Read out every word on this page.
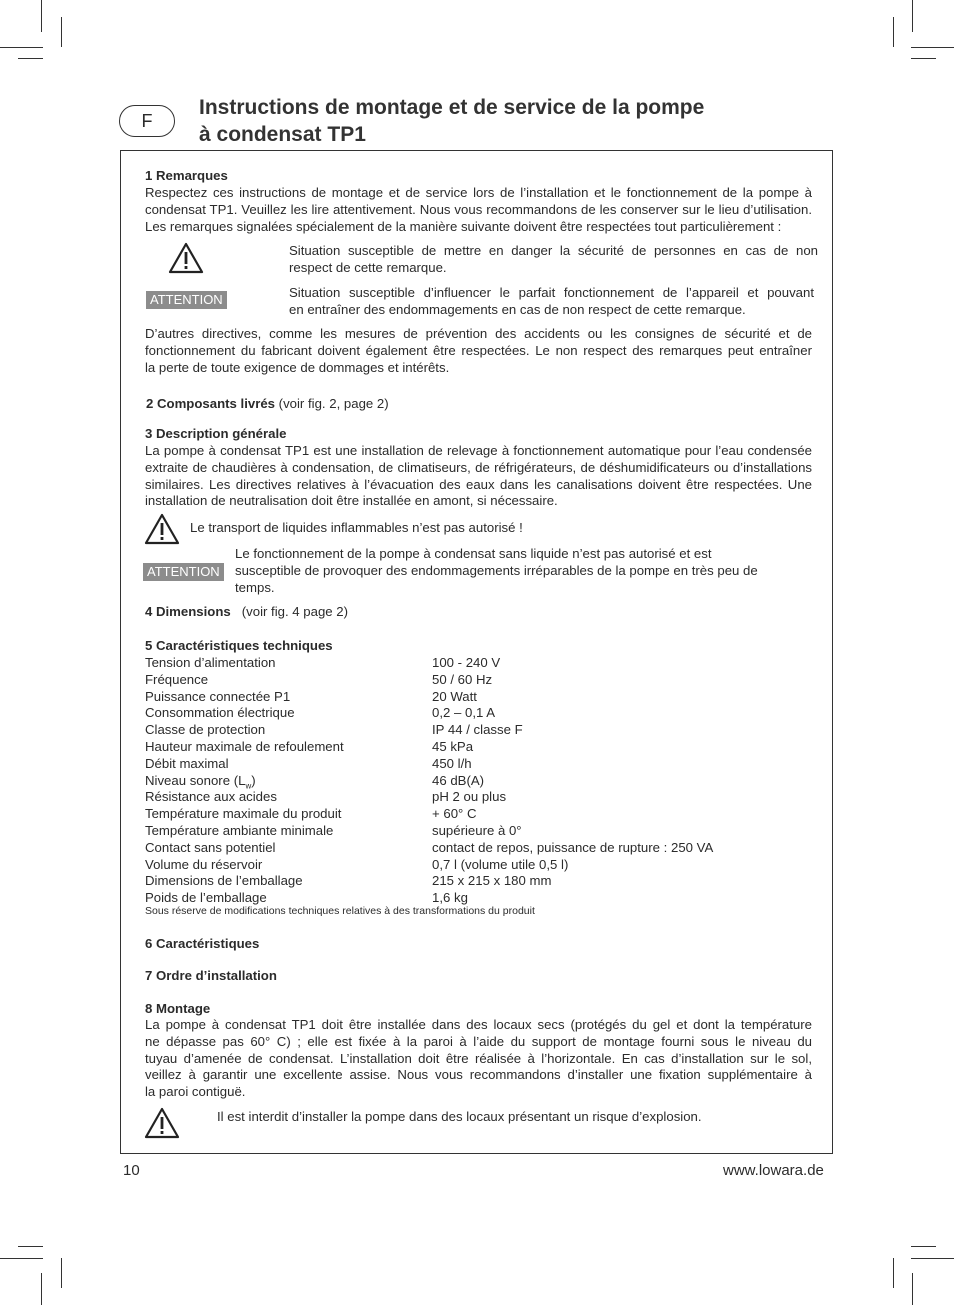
F
Instructions de montage et de service de la pompe
à condensat TP1
1 Remarques
Respectez ces instructions de montage et de service lors de l’installation et le fonctionnement de la pompe à
condensat TP1. Veuillez les lire attentivement. Nous vous recommandons de les conserver sur le lieu d’utilisation.
Les remarques signalées spécialement de la manière suivante doivent être respectées tout particulièrement :
Situation susceptible de mettre en danger la sécurité de personnes en cas de non
respect de cette remarque.
ATTENTION	Situation susceptible d’influencer le parfait fonctionnement de l’appareil et pouvant
en entraîner des endommagements en cas de non respect de cette remarque.
D’autres directives, comme les mesures de prévention des accidents ou les consignes de sécurité et de
fonctionnement du fabricant doivent également être respectées. Le non respect des remarques peut entraîner
la perte de toute exigence de dommages et intérêts.
2 Composants livrés (voir fig. 2, page 2)
3 Description générale
La pompe à condensat TP1 est une installation de relevage à fonctionnement automatique pour l’eau condensée
extraite de chaudières à condensation, de climatiseurs, de réfrigérateurs, de déshumidificateurs ou d’installations
similaires. Les directives relatives à l’évacuation des eaux dans les canalisations doivent être respectées. Une
installation de neutralisation doit être installée en amont, si nécessaire.
Le transport de liquides inflammables n’est pas autorisé !
ATTENTION
Le fonctionnement de la pompe à condensat sans liquide n’est pas autorisé et est
susceptible de provoquer des endommagements irréparables de la pompe en très peu de
temps.
4 Dimensions (voir fig. 4 page 2)
5 Caractéristiques techniques
Tension d’alimentation	100 - 240 V
Fréquence	50 / 60 Hz
Puissance connectée P1	20 Watt
Consommation électrique	0,2 – 0,1 A
Classe de protection	IP 44 / classe F
Hauteur maximale de refoulement	45 kPa
Débit maximal	450 l/h
Niveau sonore $(L_w)$	46 dB(A)
Résistance aux acides	pH 2 ou plus
Température maximale du produit	+ 60° C
Température ambiante minimale	supérieure à 0°
Contact sans potentiel	contact de repos, puissance de rupture : 250 VA
Volume du réservoir	0,7 l (volume utile 0,5 l)
Dimensions de l’emballage	215 x 215 x 180 mm
Poids de l’emballage	1,6 kg
Sous réserve de modifications techniques relatives à des transformations du produit
6 Caractéristiques
7 Ordre d’installation
8 Montage
La pompe à condensat TP1 doit être installée dans des locaux secs (protégés du gel et dont la température
ne dépasse pas 60° C) ; elle est fixée à la paroi à l’aide du support de montage fourni sous le niveau du
tuyau d’amenée de condensat. L’installation doit être réalisée à l’horizontale. En cas d’installation sur le sol,
veillez à garantir une excellente assise. Nous vous recommandons d’installer une fixation supplémentaire à
la paroi contiguë.
Il est interdit d’installer la pompe dans des locaux présentant un risque d’explosion.
10	www.lowara.de
